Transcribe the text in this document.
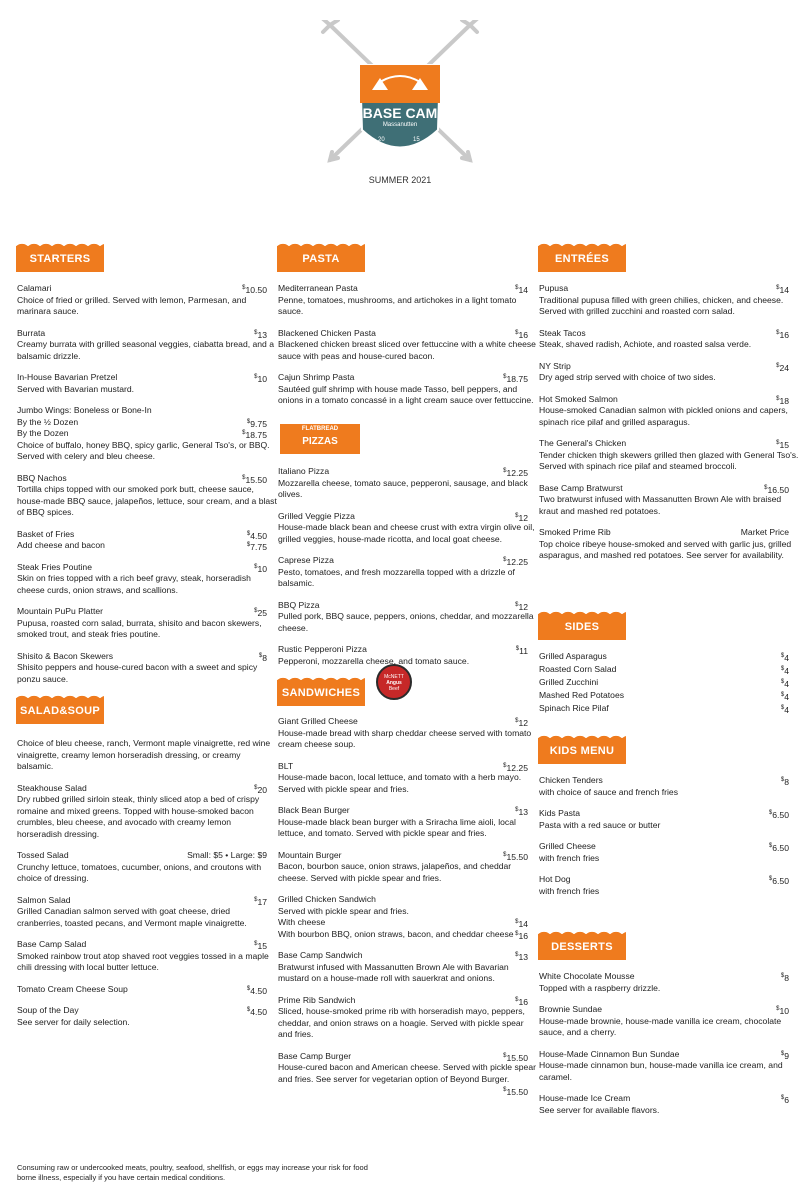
BASE CAM
Massanutten
20	15
SUMMER 2021
STARTERS
SALAD&SOUP
PASTA
FLATBREAD
PIZZAS
SANDWICHES
McNETT
Angus
Beef
ENTRÉES
SIDES
KIDS MENU
DESSERTS
Calamari	$10.50
Choice of fried or grilled. Served with lemon, Parmesan, and marinara sauce.
Burrata	$13
Creamy burrata with grilled seasonal veggies, ciabatta bread, and a balsamic drizzle.
In-House Bavarian Pretzel	$10
Served with Bavarian mustard.
Jumbo Wings: Boneless or Bone-In
By the ½ Dozen	$9.75
By the Dozen	$18.75
Choice of buffalo, honey BBQ, spicy garlic, General Tso's, or BBQ. Served with celery and bleu cheese.
BBQ Nachos	$15.50
Tortilla chips topped with our smoked pork butt, cheese sauce, house-made BBQ sauce, jalapeños, lettuce, sour cream, and a blast of BBQ spices.
Basket of Fries	$4.50
Add cheese and bacon	$7.75
Steak Fries Poutine	$10
Skin on fries topped with a rich beef gravy, steak, horseradish cheese curds, onion straws, and scallions.
Mountain PuPu Platter	$25
Pupusa, roasted corn salad, burrata, shisito and bacon skewers, smoked trout, and steak fries poutine.
Shisito & Bacon Skewers	$8
Shisito peppers and house-cured bacon with a sweet and spicy ponzu sauce.
Choice of bleu cheese, ranch, Vermont maple vinaigrette, red wine vinaigrette, creamy lemon horseradish dressing, or creamy balsamic.
Steakhouse Salad	$20
Dry rubbed grilled sirloin steak, thinly sliced atop a bed of crispy romaine and mixed greens. Topped with house-smoked bacon crumbles, bleu cheese, and avocado with creamy lemon horseradish dressing.
Tossed Salad	Small: $5 • Large: $9
Crunchy lettuce, tomatoes, cucumber, onions, and croutons with choice of dressing.
Salmon Salad	$17
Grilled Canadian salmon served with goat cheese, dried cranberries, toasted pecans, and Vermont maple vinaigrette.
Base Camp Salad	$15
Smoked rainbow trout atop shaved root veggies tossed in a maple chili dressing with local butter lettuce.
Tomato Cream Cheese Soup	$4.50
Soup of the Day	$4.50
See server for daily selection.
Mediterranean Pasta	$14
Penne, tomatoes, mushrooms, and artichokes in a light tomato sauce.
Blackened Chicken Pasta	$16
Blackened chicken breast sliced over fettuccine with a white cheese sauce with peas and house-cured bacon.
Cajun Shrimp Pasta	$18.75
Sautéed gulf shrimp with house made Tasso, bell peppers, and onions in a tomato concassé in a light cream sauce over fettuccine.
Italiano Pizza	$12.25
Mozzarella cheese, tomato sauce, pepperoni, sausage, and black olives.
Grilled Veggie Pizza	$12
House-made black bean and cheese crust with extra virgin olive oil, grilled veggies, house-made ricotta, and local goat cheese.
Caprese Pizza	$12.25
Pesto, tomatoes, and fresh mozzarella topped with a drizzle of balsamic.
BBQ Pizza	$12
Pulled pork, BBQ sauce, peppers, onions, cheddar, and mozzarella cheese.
Rustic Pepperoni Pizza	$11
Pepperoni, mozzarella cheese, and tomato sauce.
Giant Grilled Cheese	$12
House-made bread with sharp cheddar cheese served with tomato cream cheese soup.
BLT	$12.25
House-made bacon, local lettuce, and tomato with a herb mayo. Served with pickle spear and fries.
Black Bean Burger	$13
House-made black bean burger with a Sriracha lime aioli, local lettuce, and tomato. Served with pickle spear and fries.
Mountain Burger	$15.50
Bacon, bourbon sauce, onion straws, jalapeños, and cheddar cheese. Served with pickle spear and fries.
Grilled Chicken Sandwich
Served with pickle spear and fries.
With cheese	$14
With bourbon BBQ, onion straws, bacon, and cheddar cheese $16
Base Camp Sandwich	$13
Bratwurst infused with Massanutten Brown Ale with Bavarian mustard on a house-made roll with sauerkrat and onions.
Prime Rib Sandwich	$16
Sliced, house-smoked prime rib with horseradish mayo, peppers, cheddar, and onion straws on a hoagie. Served with pickle spear and fries.
Base Camp Burger	$15.50
House-cured bacon and American cheese. Served with pickle spear and fries. See server for vegetarian option of Beyond Burger.
$15.50
Pupusa	$14
Traditional pupusa filled with green chilies, chicken, and cheese. Served with grilled zucchini and roasted corn salad.
Steak Tacos	$16
Steak, shaved radish, Achiote, and roasted salsa verde.
NY Strip	$24
Dry aged strip served with choice of two sides.
Hot Smoked Salmon	$18
House-smoked Canadian salmon with pickled onions and capers, spinach rice pilaf and grilled asparagus.
The General's Chicken	$15
Tender chicken thigh skewers grilled then glazed with General Tso's. Served with spinach rice pilaf and steamed broccoli.
Base Camp Bratwurst	$16.50
Two bratwurst infused with Massanutten Brown Ale with braised kraut and mashed red potatoes.
Smoked Prime Rib	Market Price
Top choice ribeye house-smoked and served with garlic jus, grilled asparagus, and mashed red potatoes. See server for availability.
Grilled Asparagus	$4
Roasted Corn Salad	$4
Grilled Zucchini	$4
Mashed Red Potatoes	$4
Spinach Rice Pilaf	$4
Chicken Tenders	$8
with choice of sauce and french fries
Kids Pasta	$6.50
Pasta with a red sauce or butter
Grilled Cheese	$6.50
with french fries
Hot Dog	$6.50
with french fries
White Chocolate Mousse	$8
Topped with a raspberry drizzle.
Brownie Sundae	$10
House-made brownie, house-made vanilla ice cream, chocolate sauce, and a cherry.
House-Made Cinnamon Bun Sundae	$9
House-made cinnamon bun, house-made vanilla ice cream, and caramel.
House-made Ice Cream	$6
See server for available flavors.
Consuming raw or undercooked meats, poultry, seafood, shellfish, or eggs may increase your risk for food borne illness, especially if you have certain medical conditions.
